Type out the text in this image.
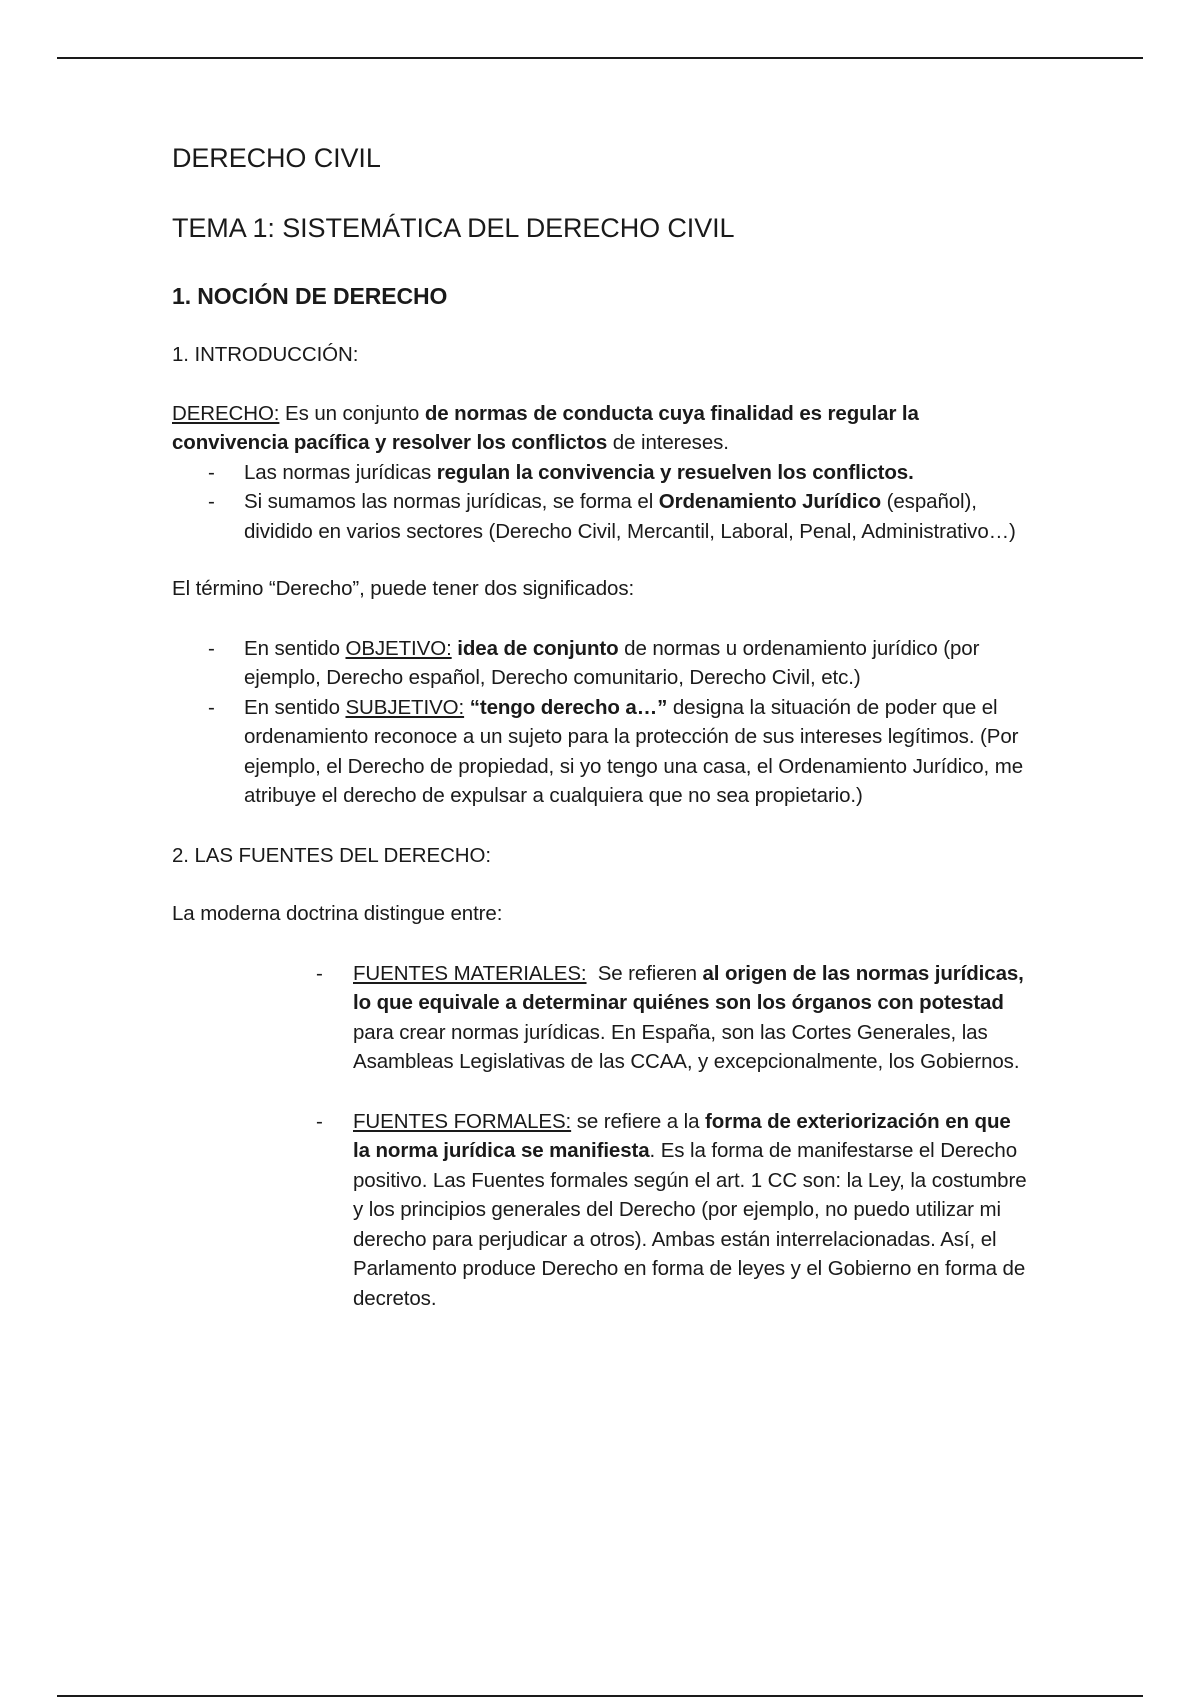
DERECHO CIVIL
TEMA 1: SISTEMÁTICA DEL DERECHO CIVIL
1. NOCIÓN DE DERECHO
1. INTRODUCCIÓN:

DERECHO: Es un conjunto de normas de conducta cuya finalidad es regular la convivencia pacífica y resolver los conflictos de intereses.

- Las normas jurídicas regulan la convivencia y resuelven los conflictos.
- Si sumamos las normas jurídicas, se forma el Ordenamiento Jurídico (español), dividido en varios sectores (Derecho Civil, Mercantil, Laboral, Penal, Administrativo…)

El término “Derecho”, puede tener dos significados:

- En sentido OBJETIVO: idea de conjunto de normas u ordenamiento jurídico (por ejemplo, Derecho español, Derecho comunitario, Derecho Civil, etc.)
- En sentido SUBJETIVO: “tengo derecho a…” designa la situación de poder que el ordenamiento reconoce a un sujeto para la protección de sus intereses legítimos. (Por ejemplo, el Derecho de propiedad, si yo tengo una casa, el Ordenamiento Jurídico, me atribuye el derecho de expulsar a cualquiera que no sea propietario.)
2. LAS FUENTES DEL DERECHO:

La moderna doctrina distingue entre:

- FUENTES MATERIALES:  Se refieren al origen de las normas jurídicas, lo que equivale a determinar quiénes son los órganos con potestad para crear normas jurídicas. En España, son las Cortes Generales, las Asambleas Legislativas de las CCAA, y excepcionalmente, los Gobiernos.
- FUENTES FORMALES: se refiere a la forma de exteriorización en que la norma jurídica se manifiesta. Es la forma de manifestarse el Derecho positivo. Las Fuentes formales según el art. 1 CC son: la Ley, la costumbre y los principios generales del Derecho (por ejemplo, no puedo utilizar mi derecho para perjudicar a otros). Ambas están interrelacionadas. Así, el Parlamento produce Derecho en forma de leyes y el Gobierno en forma de decretos.
